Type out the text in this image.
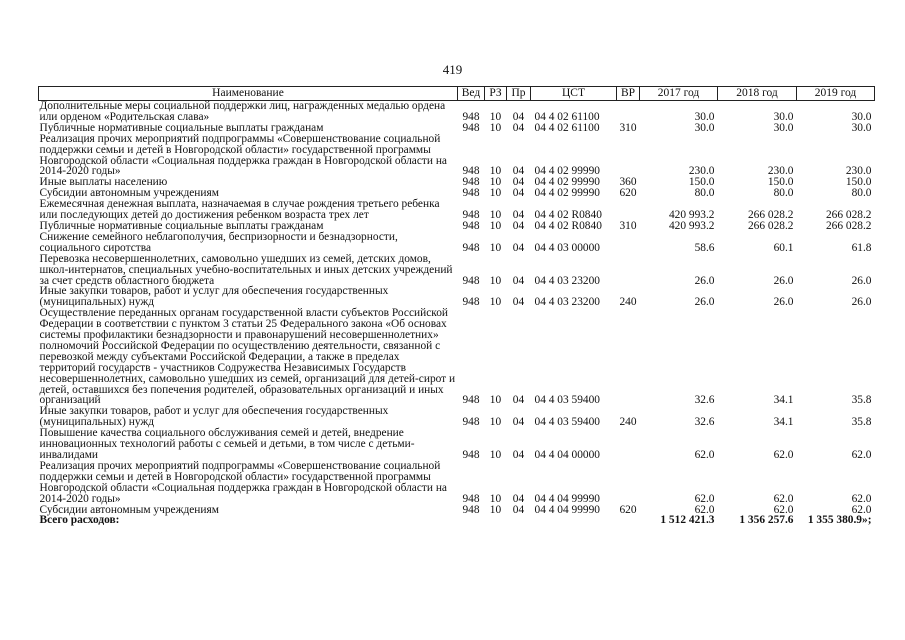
419
Наименование	Вед	РЗ	Пр	ЦСТ	ВР	2017 год	2018 год	2019 год
Дополнительные меры социальной поддержки лиц, награжденных медалью ордена или орденом «Родительская слава»	948	10	04	04 4 02 61100		30.0	30.0	30.0
Публичные нормативные социальные выплаты гражданам	948	10	04	04 4 02 61100	310	30.0	30.0	30.0
Реализация прочих мероприятий подпрограммы «Совершенствование социальной поддержки семьи и детей в Новгородской области» государственной программы Новгородской области «Социальная поддержка граждан в Новгородской области на 2014-2020 годы»	948	10	04	04 4 02 99990		230.0	230.0	230.0
Иные выплаты населению	948	10	04	04 4 02 99990	360	150.0	150.0	150.0
Субсидии автономным учреждениям	948	10	04	04 4 02 99990	620	80.0	80.0	80.0
Ежемесячная денежная выплата, назначаемая в случае рождения третьего ребенка или последующих детей до достижения ребенком возраста трех лет	948	10	04	04 4 02 R0840		420 993.2	266 028.2	266 028.2
Публичные нормативные социальные выплаты гражданам	948	10	04	04 4 02 R0840	310	420 993.2	266 028.2	266 028.2
Снижение семейного неблагополучия, беспризорности и безнадзорности, социального сиротства	948	10	04	04 4 03 00000		58.6	60.1	61.8
Перевозка несовершеннолетних, самовольно ушедших из семей, детских домов, школ-интернатов, специальных учебно-воспитательных и иных детских учреждений за счет средств областного бюджета	948	10	04	04 4 03 23200		26.0	26.0	26.0
Иные закупки товаров, работ и услуг для обеспечения государственных (муниципальных) нужд	948	10	04	04 4 03 23200	240	26.0	26.0	26.0
Осуществление переданных органам государственной власти субъектов Российской Федерации в соответствии с пунктом 3 статьи 25 Федерального закона «Об основах системы профилактики безнадзорности и правонарушений несовершеннолетних» полномочий Российской Федерации по осуществлению деятельности, связанной с перевозкой между субъектами Российской Федерации, а также в пределах территорий государств - участников Содружества Независимых Государств несовершеннолетних, самовольно ушедших из семей, организаций для детей-сирот и детей, оставшихся без попечения родителей, образовательных организаций и иных организаций	948	10	04	04 4 03 59400		32.6	34.1	35.8
Иные закупки товаров, работ и услуг для обеспечения государственных (муниципальных) нужд	948	10	04	04 4 03 59400	240	32.6	34.1	35.8
Повышение качества социального обслуживания семей и детей, внедрение инновационных технологий работы с семьей и детьми, в том числе с детьми-инвалидами	948	10	04	04 4 04 00000		62.0	62.0	62.0
Реализация прочих мероприятий подпрограммы «Совершенствование социальной поддержки семьи и детей в Новгородской области» государственной программы Новгородской области «Социальная поддержка граждан в Новгородской области на 2014-2020 годы»	948	10	04	04 4 04 99990		62.0	62.0	62.0
Субсидии автономным учреждениям	948	10	04	04 4 04 99990	620	62.0	62.0	62.0
Всего расходов:						1 512 421.3	1 356 257.6	1 355 380.9»;
